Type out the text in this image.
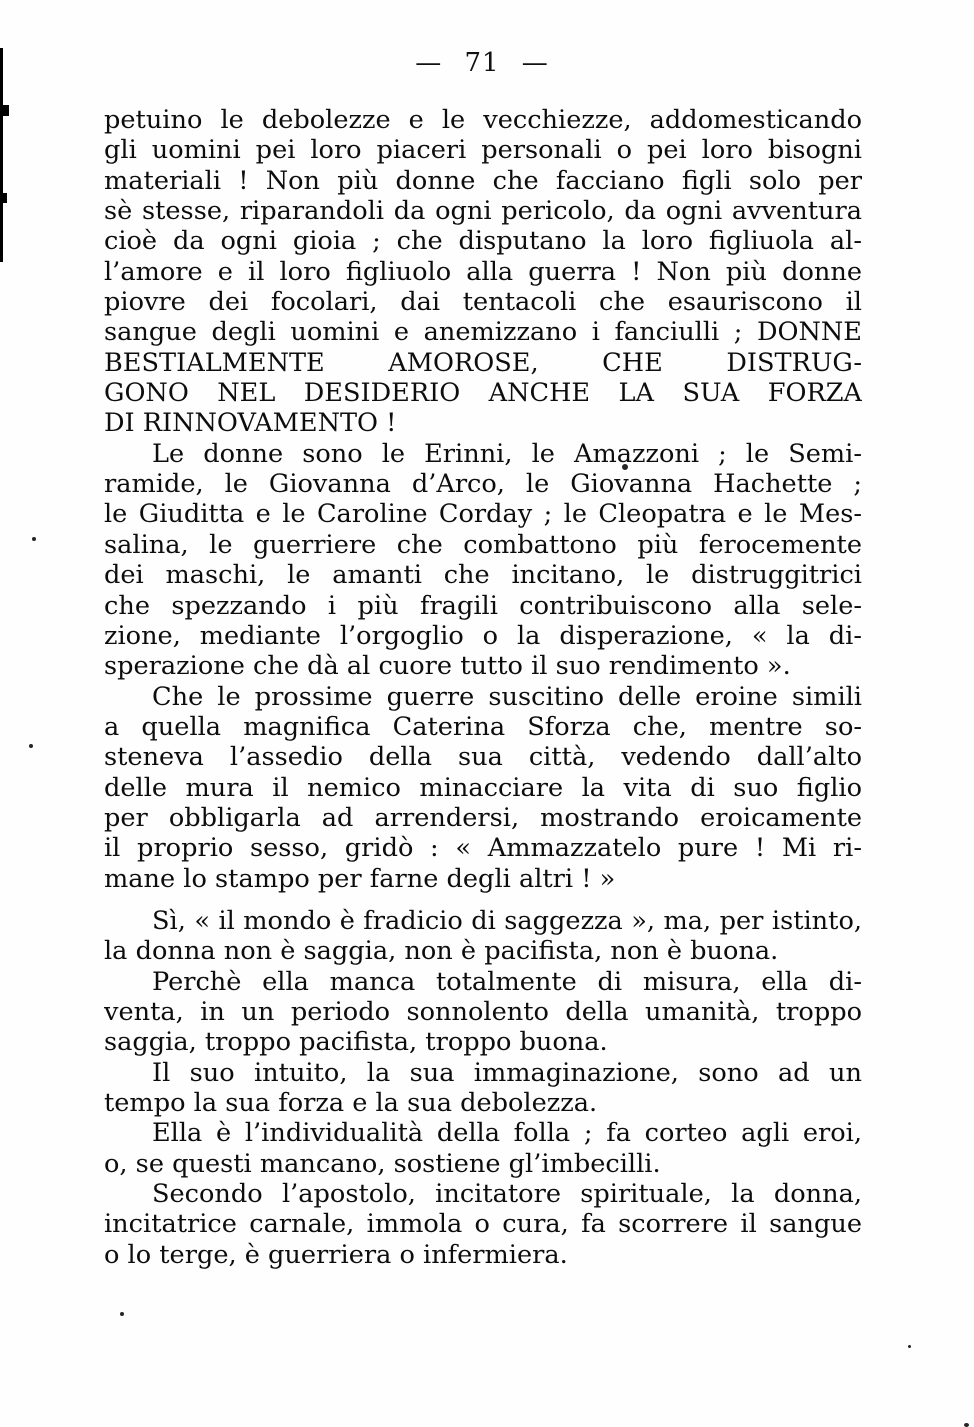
— 71 —
petuino le debolezze e le vecchiezze, addomesticando
gli uomini pei loro piaceri personali o pei loro bisogni
materiali ! Non più donne che facciano figli solo per
sè stesse, riparandoli da ogni pericolo, da ogni avventura
cioè da ogni gioia ; che disputano la loro figliuola al-
l’amore e il loro figliuolo alla guerra ! Non più donne
piovre dei focolari, dai tentacoli che esauriscono il
sangue degli uomini e anemizzano i fanciulli ; DONNE
BESTIALMENTE AMOROSE, CHE DISTRUG-
GONO NEL DESIDERIO ANCHE LA SUA FORZA
DI RINNOVAMENTO !
Le donne sono le Erinni, le Amazzoni ; le Semi-
ramide, le Giovanna d’Arco, le Giovanna Hachette ;
le Giuditta e le Caroline Corday ; le Cleopatra e le Mes-
salina, le guerriere che combattono più ferocemente
dei maschi, le amanti che incitano, le distruggitrici
che spezzando i più fragili contribuiscono alla sele-
zione, mediante l’orgoglio o la disperazione, « la di-
sperazione che dà al cuore tutto il suo rendimento ».
Che le prossime guerre suscitino delle eroine simili
a quella magnifica Caterina Sforza che, mentre so-
steneva l’assedio della sua città, vedendo dall’alto
delle mura il nemico minacciare la vita di suo figlio
per obbligarla ad arrendersi, mostrando eroicamente
il proprio sesso, gridò : « Ammazzatelo pure ! Mi ri-
mane lo stampo per farne degli altri ! »
Sì, « il mondo è fradicio di saggezza », ma, per istinto,
la donna non è saggia, non è pacifista, non è buona.
Perchè ella manca totalmente di misura, ella di-
venta, in un periodo sonnolento della umanità, troppo
saggia, troppo pacifista, troppo buona.
Il suo intuito, la sua immaginazione, sono ad un
tempo la sua forza e la sua debolezza.
Ella è l’individualità della folla ; fa corteo agli eroi,
o, se questi mancano, sostiene gl’imbecilli.
Secondo l’apostolo, incitatore spirituale, la donna,
incitatrice carnale, immola o cura, fa scorrere il sangue
o lo terge, è guerriera o infermiera.
